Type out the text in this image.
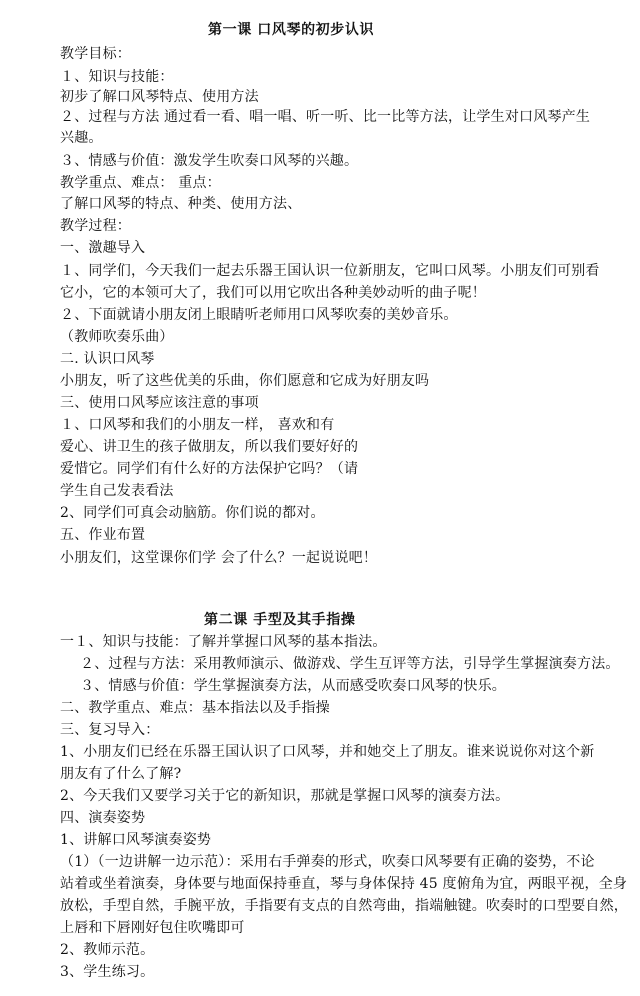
第一课 口风琴的初步认识
教学目标：
１、知识与技能：
初步了解口风琴特点、使用方法
２、过程与方法 通过看一看、唱一唱、听一听、比一比等方法，让学生对口风琴产生
兴趣。
３、情感与价值：激发学生吹奏口风琴的兴趣。
教学重点、难点： 重点：
了解口风琴的特点、种类、使用方法、
教学过程：
一、激趣导入
１、同学们，今天我们一起去乐器王国认识一位新朋友，它叫口风琴。小朋友们可别看
它小，它的本领可大了，我们可以用它吹出各种美妙动听的曲子呢！
２、下面就请小朋友闭上眼睛听老师用口风琴吹奏的美妙音乐。
（教师吹奏乐曲）
二. 认识口风琴
小朋友，听了这些优美的乐曲，你们愿意和它成为好朋友吗
三、使用口风琴应该注意的事项
１、口风琴和我们的小朋友一样， 喜欢和有
爱心、讲卫生的孩子做朋友，所以我们要好好的
爱惜它。同学们有什么好的方法保护它吗？（请
学生自己发表看法
2、同学们可真会动脑筋。你们说的都对。
五、作业布置
小朋友们，这堂课你们学 会了什么？一起说说吧！
第二课 手型及其手指操
一１、知识与技能：了解并掌握口风琴的基本指法。
２、过程与方法：采用教师演示、做游戏、学生互评等方法，引导学生掌握演奏方法。
３、情感与价值：学生掌握演奏方法，从而感受吹奏口风琴的快乐。
二、教学重点、难点：基本指法以及手指操
三、复习导入：
1、小朋友们已经在乐器王国认识了口风琴，并和她交上了朋友。谁来说说你对这个新
朋友有了什么了解?
2、今天我们又要学习关于它的新知识，那就是掌握口风琴的演奏方法。
四、演奏姿势
1、讲解口风琴演奏姿势
（1）（一边讲解一边示范）：采用右手弹奏的形式，吹奏口风琴要有正确的姿势，不论
站着或坐着演奏，身体要与地面保持垂直，琴与身体保持 45 度俯角为宜，两眼平视，全身
放松，手型自然，手腕平放，手指要有支点的自然弯曲，指端触键。吹奏时的口型要自然，
上唇和下唇刚好包住吹嘴即可
2、教师示范。
3、学生练习。
